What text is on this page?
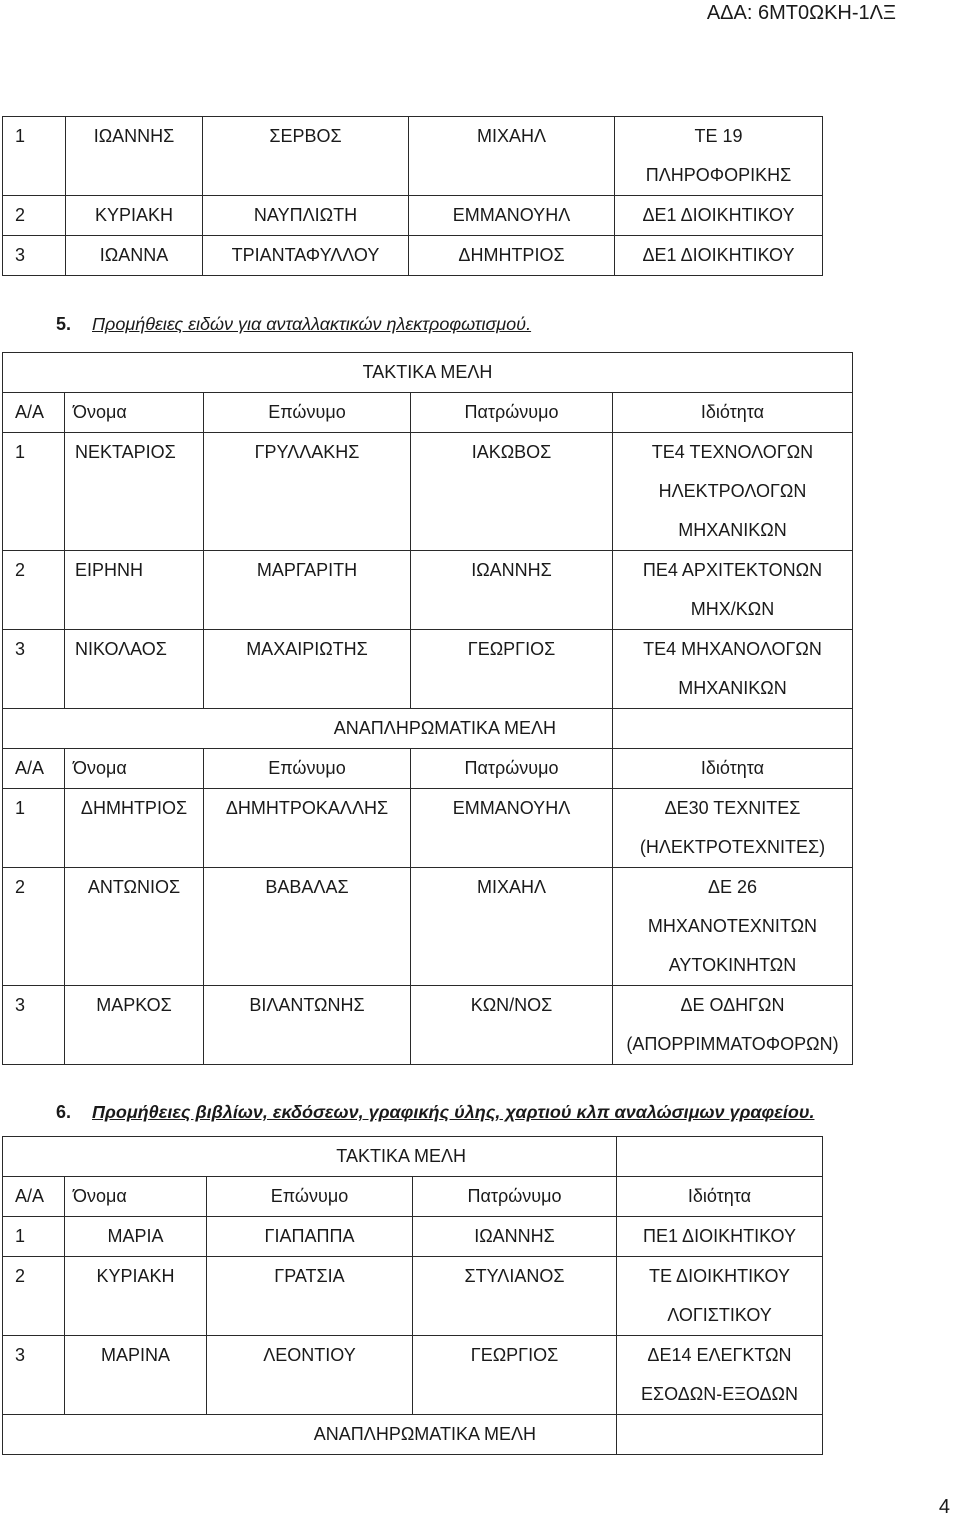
ΑΔΑ: 6ΜΤ0ΩΚΗ-1ΛΞ
1	ΙΩΑΝΝΗΣ	ΣΕΡΒΟΣ	ΜΙΧΑΗΛ	ΤΕ 19
ΠΛΗΡΟΦΟΡΙΚΗΣ

2	ΚΥΡΙΑΚΗ	ΝΑΥΠΛΙΩΤΗ	ΕΜΜΑΝΟΥΗΛ	ΔΕ1 ΔΙΟΙΚΗΤΙΚΟΥ
3	ΙΩΑΝΝΑ	ΤΡΙΑΝΤΑΦΥΛΛΟΥ	ΔΗΜΗΤΡΙΟΣ	ΔΕ1 ΔΙΟΙΚΗΤΙΚΟΥ
5. Προμήθειες ειδών για ανταλλακτικών ηλεκτροφωτισμού.
ΤΑΚΤΙΚΑ ΜΕΛΗ				
Α/Α	Όνομα	Επώνυμο	Πατρώνυμο	Ιδιότητα
1	ΝΕΚΤΑΡΙΟΣ	ΓΡΥΛΛΑΚΗΣ	ΙΑΚΩΒΟΣ	ΤΕ4 ΤΕΧΝΟΛΟΓΩΝ
ΗΛΕΚΤΡΟΛΟΓΩΝ
ΜΗΧΑΝΙΚΩΝ

2	ΕΙΡΗΝΗ	ΜΑΡΓΑΡΙΤΗ	ΙΩΑΝΝΗΣ	ΠΕ4 ΑΡΧΙΤΕΚΤΟΝΩΝ
ΜΗΧ/ΚΩΝ

3	ΝΙΚΟΛΑΟΣ	ΜΑΧΑΙΡΙΩΤΗΣ	ΓΕΩΡΓΙΟΣ	ΤΕ4 ΜΗΧΑΝΟΛΟΓΩΝ
ΜΗΧΑΝΙΚΩΝ

ΑΝΑΠΛΗΡΩΜΑΤΙΚΑ ΜΕΛΗ				
Α/Α	Όνομα	Επώνυμο	Πατρώνυμο	Ιδιότητα
1	ΔΗΜΗΤΡΙΟΣ	ΔΗΜΗΤΡΟΚΑΛΛΗΣ	ΕΜΜΑΝΟΥΗΛ	ΔΕ30 ΤΕΧΝΙΤΕΣ
(ΗΛΕΚΤΡΟΤΕΧΝΙΤΕΣ)

2	ΑΝΤΩΝΙΟΣ	ΒΑΒΑΛΑΣ	ΜΙΧΑΗΛ	ΔΕ 26
ΜΗΧΑΝΟΤΕΧΝΙΤΩΝ
ΑΥΤΟΚΙΝΗΤΩΝ

3	ΜΑΡΚΟΣ	ΒΙΛΑΝΤΩΝΗΣ	ΚΩΝ/ΝΟΣ	ΔΕ ΟΔΗΓΩΝ
(ΑΠΟΡΡΙΜΜΑΤΟΦΟΡΩΝ)
6. Προμήθειες βιβλίων, εκδόσεων, γραφικής ύλης, χαρτιού κλπ αναλώσιμων γραφείου.
ΤΑΚΤΙΚΑ ΜΕΛΗ				
Α/Α	Όνομα	Επώνυμο	Πατρώνυμο	Ιδιότητα
1	ΜΑΡΙΑ	ΓΙΑΠΑΠΠΑ	ΙΩΑΝΝΗΣ	ΠΕ1 ΔΙΟΙΚΗΤΙΚΟΥ
2	ΚΥΡΙΑΚΗ	ΓΡΑΤΣΙΑ	ΣΤΥΛΙΑΝΟΣ	ΤΕ ΔΙΟΙΚΗΤΙΚΟΥ
ΛΟΓΙΣΤΙΚΟΥ

3	ΜΑΡΙΝΑ	ΛΕΟΝΤΙΟΥ	ΓΕΩΡΓΙΟΣ	ΔΕ14 ΕΛΕΓΚΤΩΝ
ΕΣΟΔΩΝ-ΕΞΟΔΩΝ

ΑΝΑΠΛΗΡΩΜΑΤΙΚΑ ΜΕΛΗ				
4
